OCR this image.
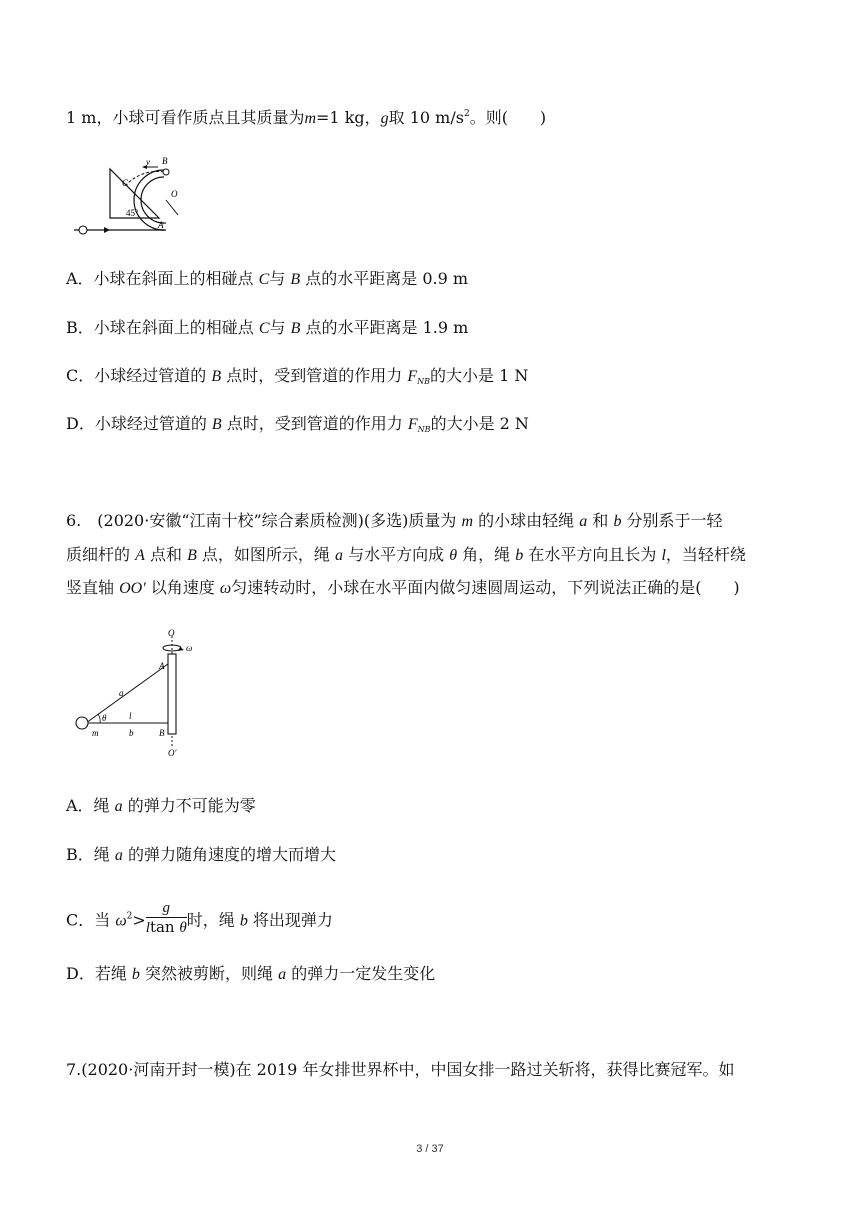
1 m，小球可看作质点且其质量为m=1 kg，g取 10 $m/s^2$。则(　　)
v B
C
O
45°
A
A．小球在斜面上的相碰点 C与 B 点的水平距离是 0.9 m
B．小球在斜面上的相碰点 C与 B 点的水平距离是 1.9 m
C．小球经过管道的 B 点时，受到管道的作用力 $F_{NB}$的大小是 1 N
D．小球经过管道的 B 点时，受到管道的作用力 $F_{NB}$的大小是 2 N
6.　(2020·安徽“江南十校”综合素质检测)(多选)质量为 m 的小球由轻绳 a 和 b 分别系于一轻
质细杆的 A 点和 B 点，如图所示，绳 a 与水平方向成 θ 角，绳 b 在水平方向且长为 l，当轻杆绕
竖直轴 OO′ 以角速度 ω匀速转动时，小球在水平面内做匀速圆周运动，下列说法正确的是(　　)
O
ω
A
a
θ	l
m	b	B
O′
A．绳 a 的弹力不可能为零
B．绳 a 的弹力随角速度的增大而增大
C．当 $\omega^2> \frac{g}{\text{ltan θ}}$ 时，绳 b 将出现弹力
D．若绳 b 突然被剪断，则绳 a 的弹力一定发生变化
7.(2020·河南开封一模)在 2019 年女排世界杯中，中国女排一路过关斩将，获得比赛冠军。如
3 / 37
